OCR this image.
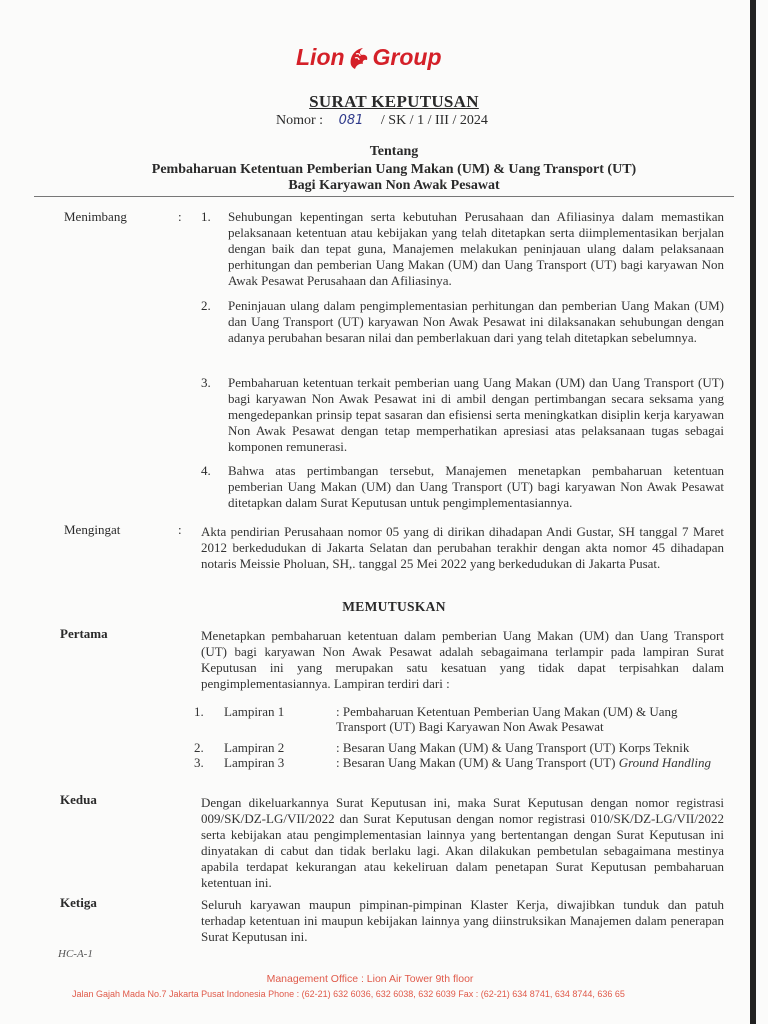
Lion Group
SURAT KEPUTUSAN
Nomor : 081 / SK / 1 / III / 2024
Tentang
Pembaharuan Ketentuan Pemberian Uang Makan (UM) & Uang Transport (UT)
Bagi Karyawan Non Awak Pesawat
Menimbang	: 1. Sehubungan kepentingan serta kebutuhan Perusahaan dan Afiliasinya dalam memastikan pelaksanaan ketentuan atau kebijakan yang telah ditetapkan serta diimplementasikan berjalan dengan baik dan tepat guna, Manajemen melakukan peninjauan ulang dalam pelaksanaan perhitungan dan pemberian Uang Makan (UM) dan Uang Transport (UT) bagi karyawan Non Awak Pesawat Perusahaan dan Afiliasinya.
2. Peninjauan ulang dalam pengimplementasian perhitungan dan pemberian Uang Makan (UM) dan Uang Transport (UT) karyawan Non Awak Pesawat ini dilaksanakan sehubungan dengan adanya perubahan besaran nilai dan pemberlakuan dari yang telah ditetapkan sebelumnya.
3. Pembaharuan ketentuan terkait pemberian uang Uang Makan (UM) dan Uang Transport (UT) bagi karyawan Non Awak Pesawat ini di ambil dengan pertimbangan secara seksama yang mengedepankan prinsip tepat sasaran dan efisiensi serta meningkatkan disiplin kerja karyawan Non Awak Pesawat dengan tetap memperhatikan apresiasi atas pelaksanaan tugas sebagai komponen remunerasi.
4. Bahwa atas pertimbangan tersebut, Manajemen menetapkan pembaharuan ketentuan pemberian Uang Makan (UM) dan Uang Transport (UT) bagi karyawan Non Awak Pesawat ditetapkan dalam Surat Keputusan untuk pengimplementasiannya.
Mengingat	: Akta pendirian Perusahaan nomor 05 yang di dirikan dihadapan Andi Gustar, SH tanggal 7 Maret 2012 berkedudukan di Jakarta Selatan dan perubahan terakhir dengan akta nomor 45 dihadapan notaris Meissie Pholuan, SH,. tanggal 25 Mei 2022 yang berkedudukan di Jakarta Pusat.
MEMUTUSKAN
Pertama	Menetapkan pembaharuan ketentuan dalam pemberian Uang Makan (UM) dan Uang Transport (UT) bagi karyawan Non Awak Pesawat adalah sebagaimana terlampir pada lampiran Surat Keputusan ini yang merupakan satu kesatuan yang tidak dapat terpisahkan dalam pengimplementasiannya. Lampiran terdiri dari :
1.	Lampiran 1	: Pembaharuan Ketentuan Pemberian Uang Makan (UM) & Uang Transport (UT) Bagi Karyawan Non Awak Pesawat
2.	Lampiran 2	: Besaran Uang Makan (UM) & Uang Transport (UT) Korps Teknik
3.	Lampiran 3	: Besaran Uang Makan (UM) & Uang Transport (UT) Ground Handling
Kedua	Dengan dikeluarkannya Surat Keputusan ini, maka Surat Keputusan dengan nomor registrasi 009/SK/DZ-LG/VII/2022 dan Surat Keputusan dengan nomor registrasi 010/SK/DZ-LG/VII/2022 serta kebijakan atau pengimplementasian lainnya yang bertentangan dengan Surat Keputusan ini dinyatakan di cabut dan tidak berlaku lagi. Akan dilakukan pembetulan sebagaimana mestinya apabila terdapat kekurangan atau kekeliruan dalam penetapan Surat Keputusan pembaharuan ketentuan ini.
Ketiga	Seluruh karyawan maupun pimpinan-pimpinan Klaster Kerja, diwajibkan tunduk dan patuh terhadap ketentuan ini maupun kebijakan lainnya yang diinstruksikan Manajemen dalam penerapan Surat Keputusan ini.
HC-A-1
Management Office : Lion Air Tower 9th floor
Jalan Gajah Mada No.7 Jakarta Pusat Indonesia Phone : (62-21) 632 6036, 632 6038, 632 6039 Fax : (62-21) 634 8741, 634 8744, 636 65
